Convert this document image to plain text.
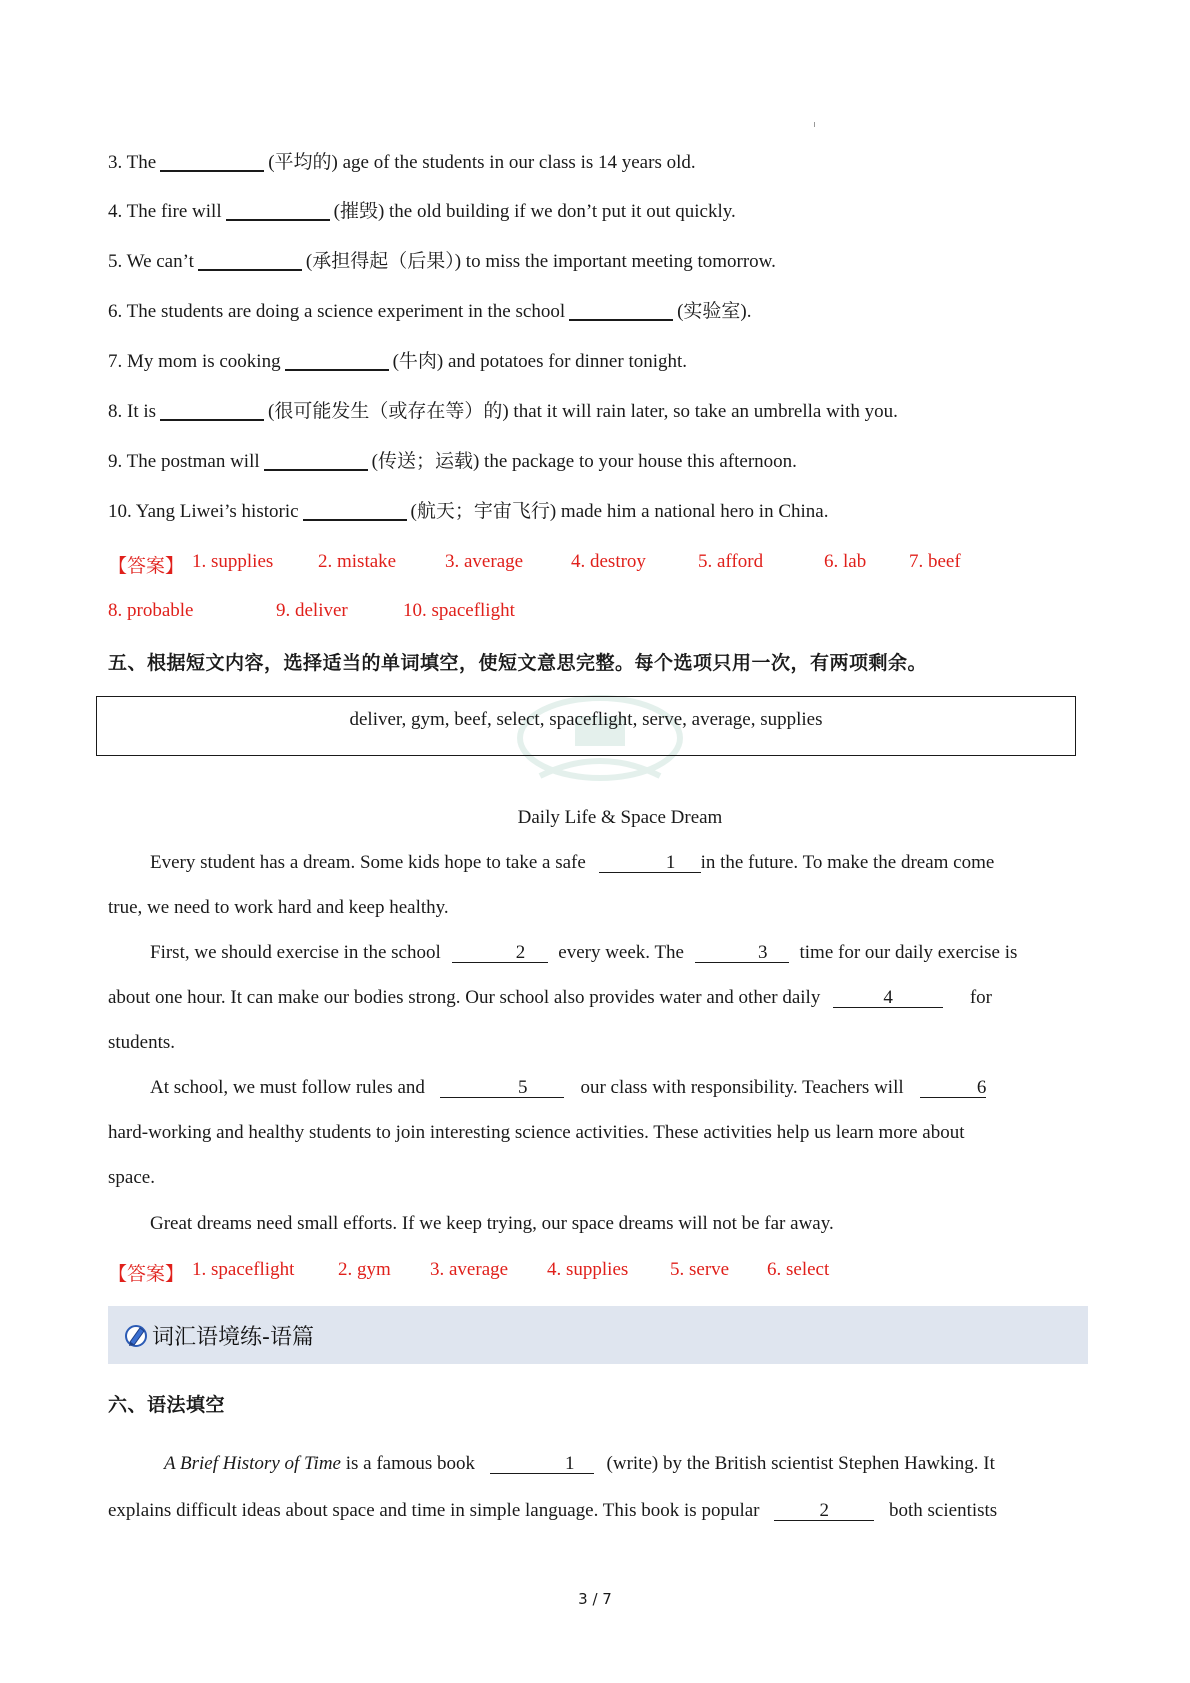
3. The	(平均的) age of the students in our class is 14 years old.
4. The fire will	(摧毁) the old building if we don’t put it out quickly.
5. We can’t	(承担得起（后果）) to miss the important meeting tomorrow.
6. The students are doing a science experiment in the school	(实验室).
7. My mom is cooking	(牛肉) and potatoes for dinner tonight.
8. It is	(很可能发生（或存在等）的) that it will rain later, so take an umbrella with you.
9. The postman will	(传送；运载) the package to your house this afternoon.
10. Yang Liwei’s historic	(航天；宇宙飞行) made him a national hero in China.
【答案】 1. supplies 2. mistake	3. average	4. destroy	5. afford	6. lab 7. beef
8. probable	9. deliver	10. spaceflight
五、根据短文内容，选择适当的单词填空，使短文意思完整。每个选项只用一次，有两项剩余。
deliver, gym, beef, select, spaceflight, serve, average, supplies
Daily Life & Space Dream
Every student has a dream. Some kids hope to take a safe	1 in the future. To make the dream come
true, we need to work hard and keep healthy.
First, we should exercise in the school	2 every week. The	3 time for our daily exercise is
about one hour. It can make our bodies strong. Our school also provides water and other daily	4	for
students.
At school, we must follow rules and	5	our class with responsibility. Teachers will	6
hard-working and healthy students to join interesting science activities. These activities help us learn more about
space.
Great dreams need small efforts. If we keep trying, our space dreams will not be far away.
【答案】 1. spaceflight 2. gym 3. average 4. supplies 5. serve 6. select
词汇语境练-语篇
六、语法填空
A Brief History of Time is a famous book	1 (write) by the British scientist Stephen Hawking. It
explains difficult ideas about space and time in simple language. This book is popular	2	both scientists
3 / 7
